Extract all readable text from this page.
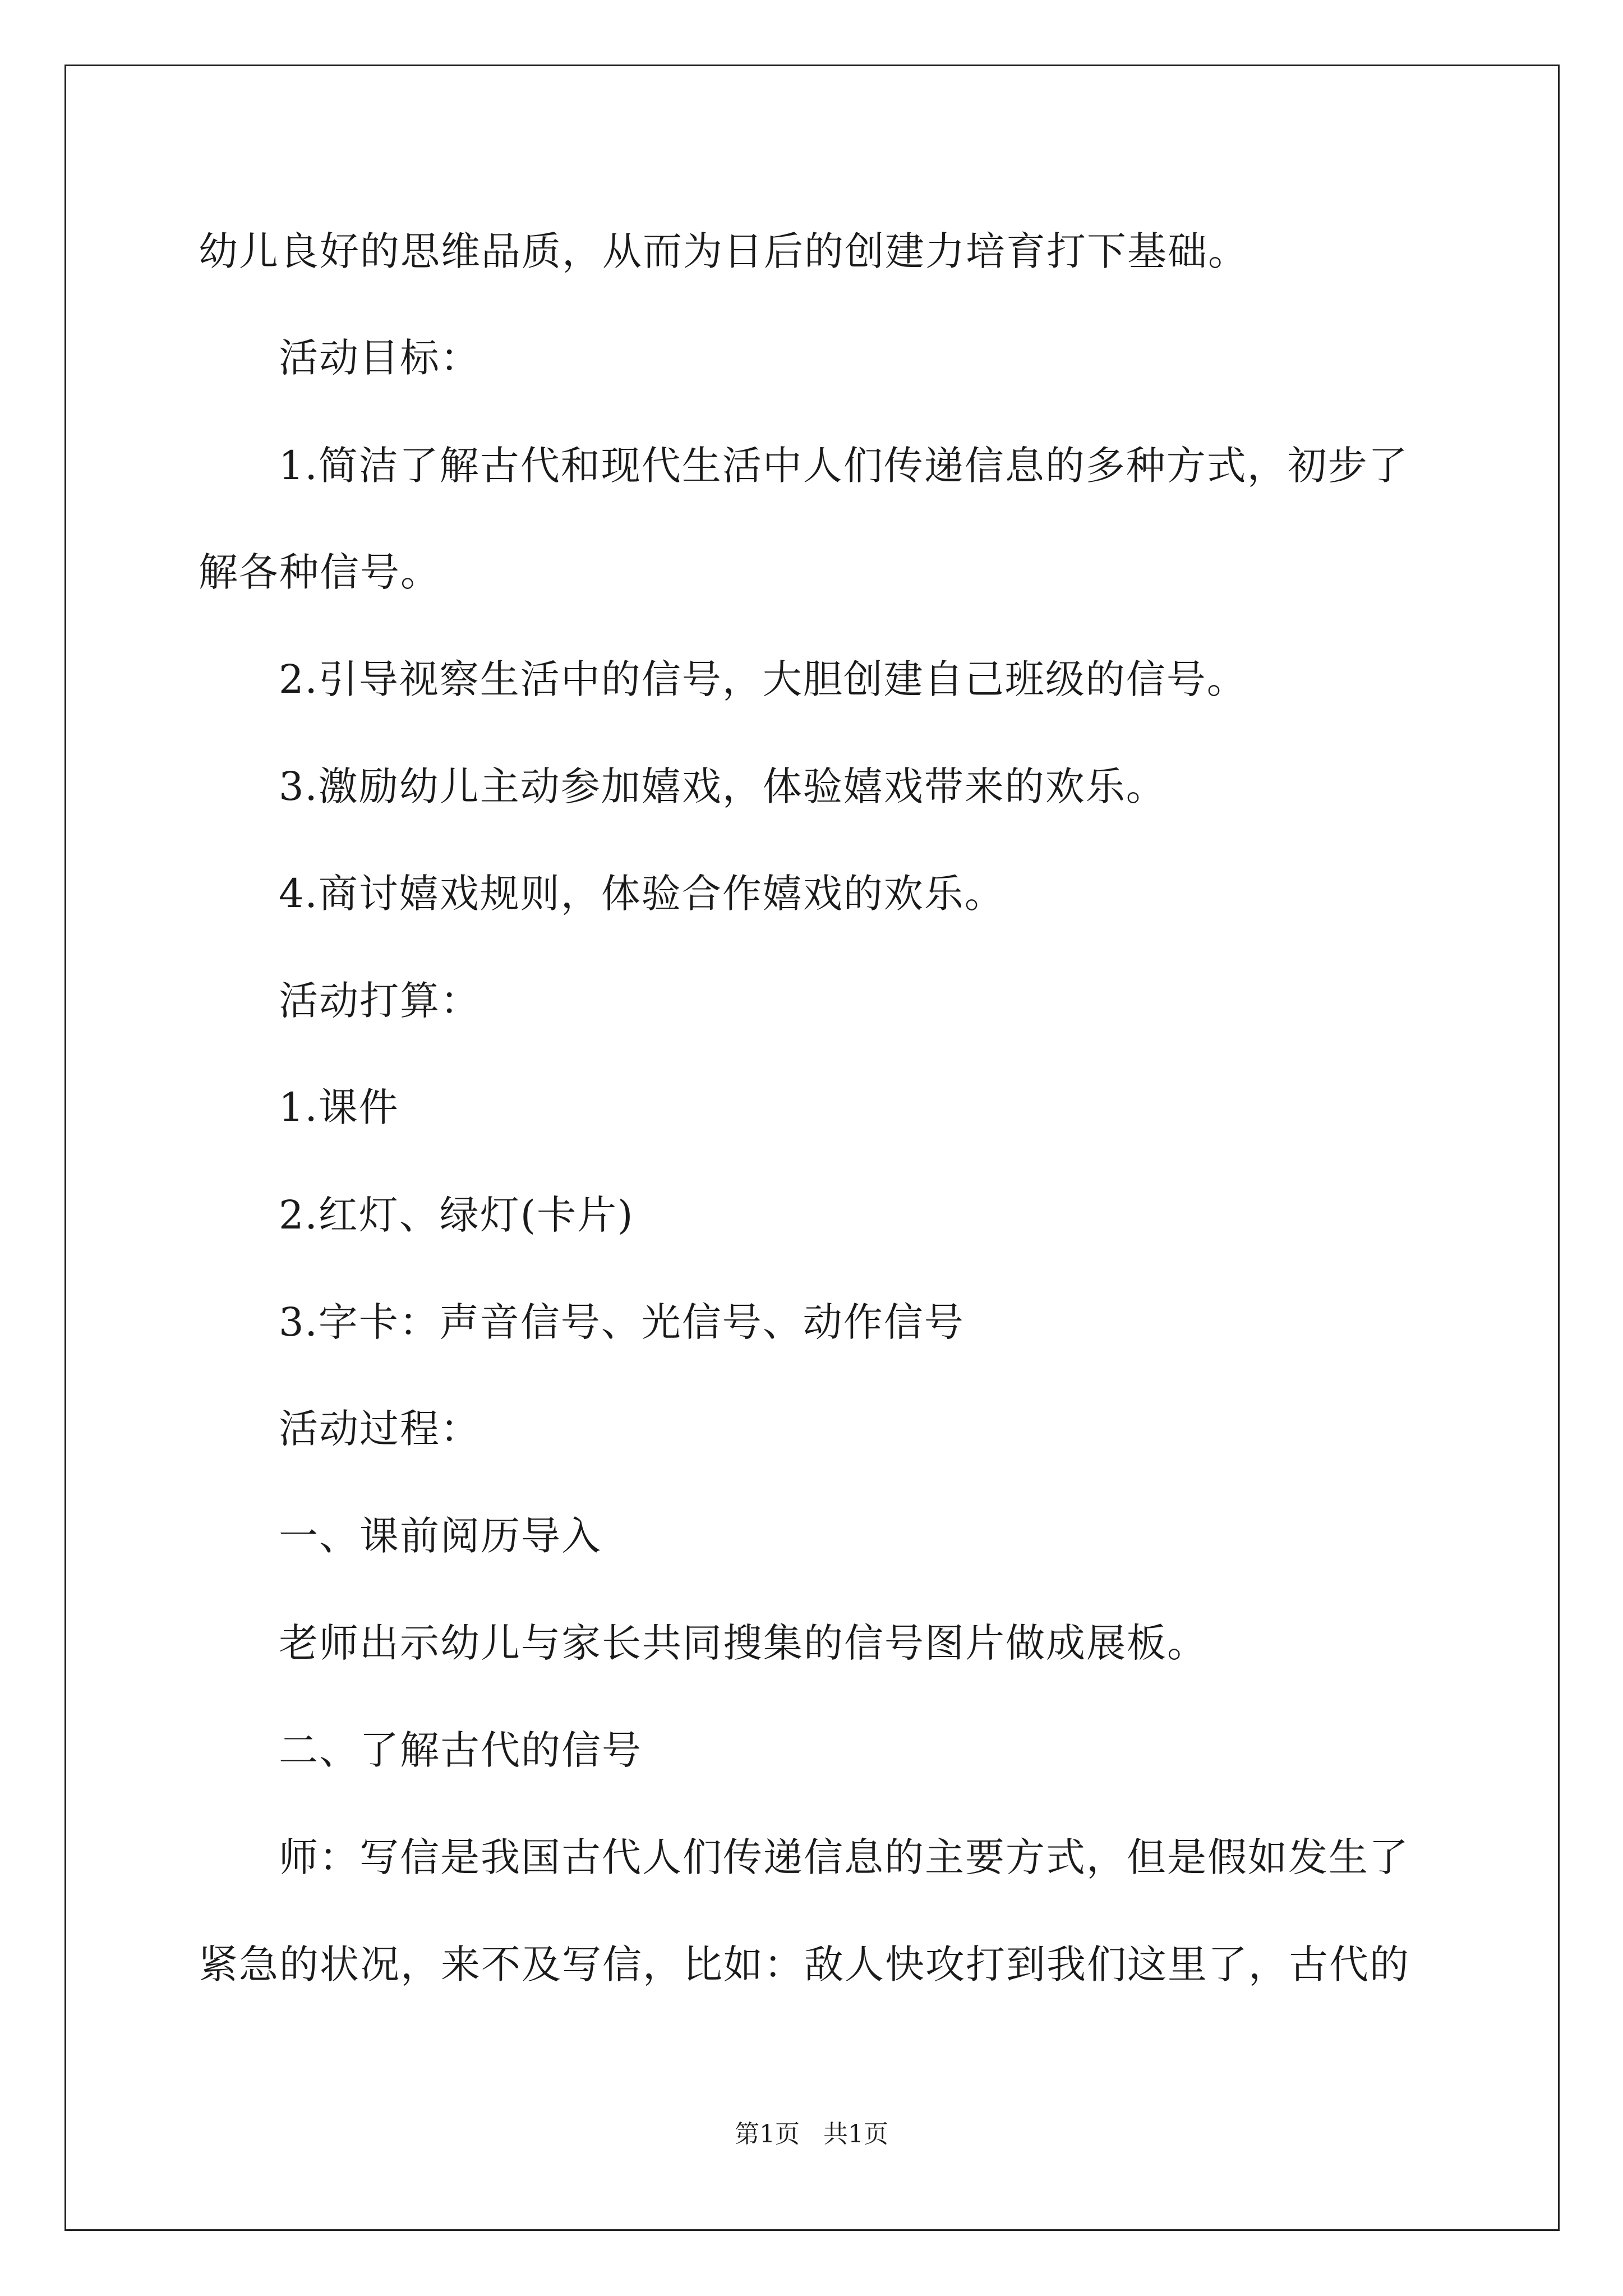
幼儿良好的思维品质，从而为日后的创建力培育打下基础。
活动目标：
1.简洁了解古代和现代生活中人们传递信息的多种方式，初步了
解各种信号。
2.引导视察生活中的信号，大胆创建自己班级的信号。
3.激励幼儿主动参加嬉戏，体验嬉戏带来的欢乐。
4.商讨嬉戏规则，体验合作嬉戏的欢乐。
活动打算：
1.课件
2.红灯、绿灯(卡片)
3.字卡：声音信号、光信号、动作信号
活动过程：
一、课前阅历导入
老师出示幼儿与家长共同搜集的信号图片做成展板。
二、了解古代的信号
师：写信是我国古代人们传递信息的主要方式，但是假如发生了
紧急的状况，来不及写信，比如：敌人快攻打到我们这里了，古代的
第1页   共1页
